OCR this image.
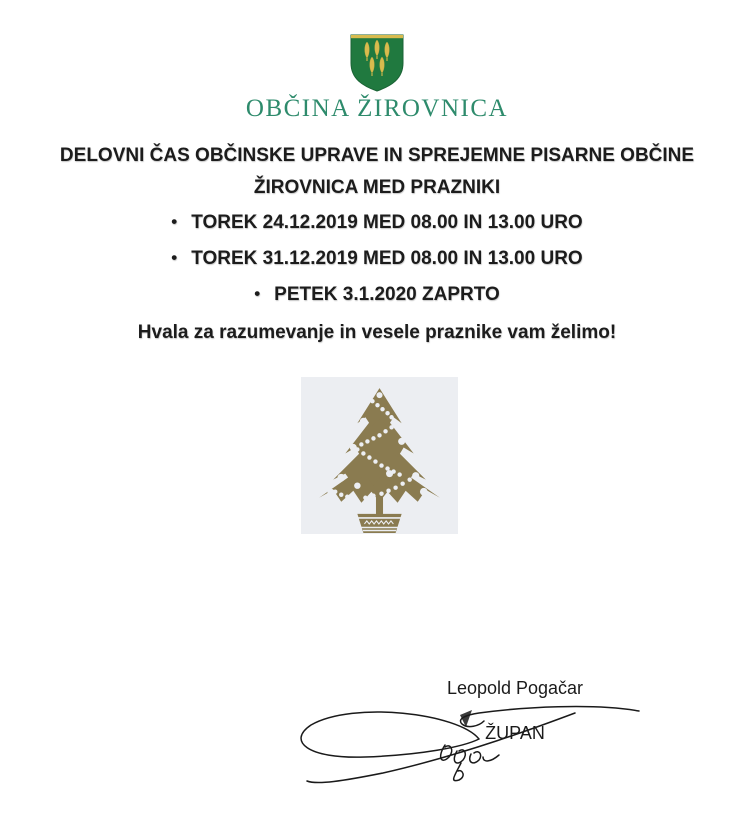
OBČINA ŽIROVNICA
DELOVNI ČAS OBČINSKE UPRAVE IN SPREJEMNE PISARNE OBČINE
ŽIROVNICA MED PRAZNIKI
• TOREK 24.12.2019 MED 08.00 IN 13.00 URO
• TOREK 31.12.2019 MED 08.00 IN 13.00 URO
• PETEK 3.1.2020 ZAPRTO
Hvala za razumevanje in vesele praznike vam želimo!
Leopold Pogačar
ŽUPAN
